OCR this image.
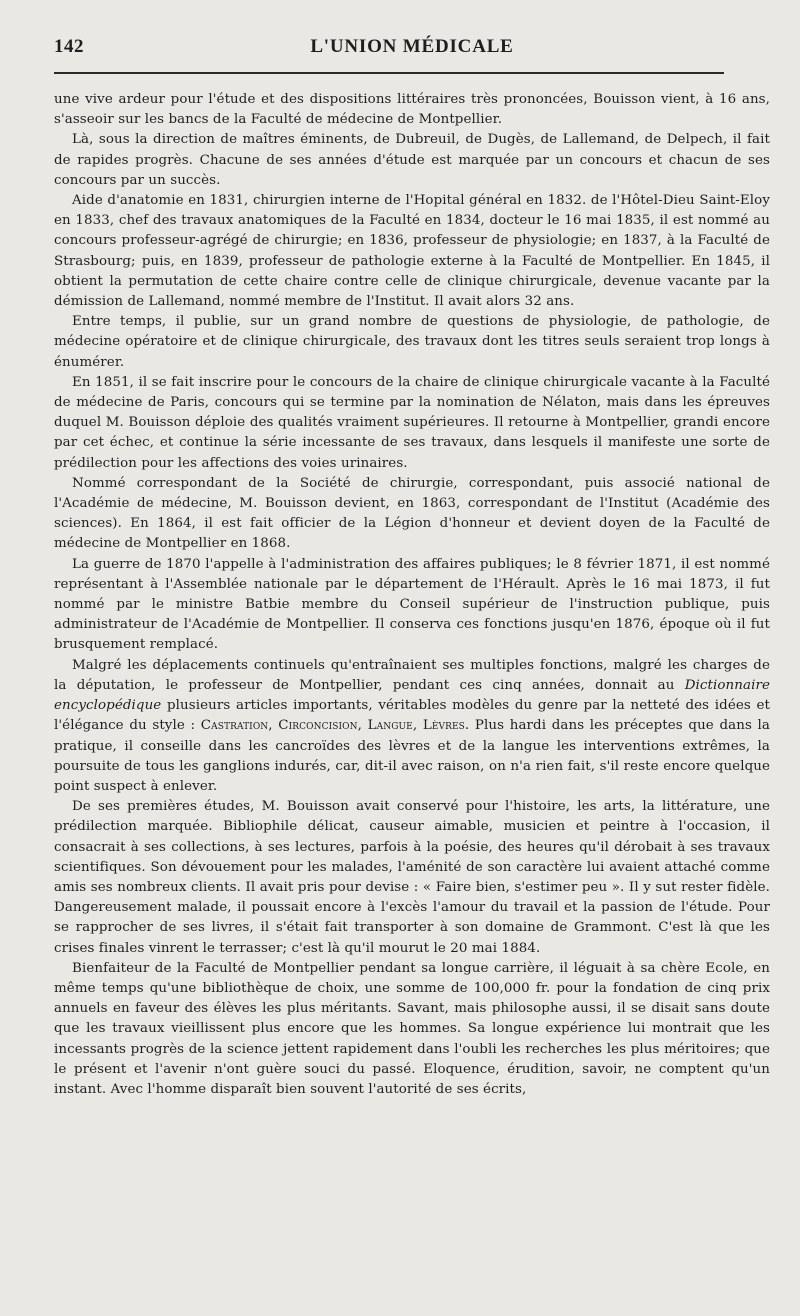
142	L'UNION MÉDICALE

une vive ardeur pour l'étude et des dispositions littéraires très prononcées, Bouisson vient, à 16 ans, s'asseoir sur les bancs de la Faculté de médecine de Montpellier.

Là, sous la direction de maîtres éminents, de Dubreuil, de Dugès, de Lallemand, de Delpech, il fait de rapides progrès. Chacune de ses années d'étude est marquée par un concours et chacun de ses concours par un succès.

Aide d'anatomie en 1831, chirurgien interne de l'Hopital général en 1832. de l'Hôtel-Dieu Saint-Eloy en 1833, chef des travaux anatomiques de la Faculté en 1834, docteur le 16 mai 1835, il est nommé au concours professeur-agrégé de chirurgie; en 1836, professeur de physiologie; en 1837, à la Faculté de Strasbourg; puis, en 1839, professeur de pathologie externe à la Faculté de Montpellier. En 1845, il obtient la permutation de cette chaire contre celle de clinique chirurgicale, devenue vacante par la démission de Lallemand, nommé membre de l'Institut. Il avait alors 32 ans.

Entre temps, il publie, sur un grand nombre de questions de physiologie, de pathologie, de médecine opératoire et de clinique chirurgicale, des travaux dont les titres seuls seraient trop longs à énumérer.

En 1851, il se fait inscrire pour le concours de la chaire de clinique chirurgicale vacante à la Faculté de médecine de Paris, concours qui se termine par la nomination de Nélaton, mais dans les épreuves duquel M. Bouisson déploie des qualités vraiment supérieures. Il retourne à Montpellier, grandi encore par cet échec, et continue la série incessante de ses travaux, dans lesquels il manifeste une sorte de prédilection pour les affections des voies urinaires.

Nommé correspondant de la Société de chirurgie, correspondant, puis associé national de l'Académie de médecine, M. Bouisson devient, en 1863, correspondant de l'Institut (Académie des sciences). En 1864, il est fait officier de la Légion d'honneur et devient doyen de la Faculté de médecine de Montpellier en 1868.

La guerre de 1870 l'appelle à l'administration des affaires publiques; le 8 février 1871, il est nommé représentant à l'Assemblée nationale par le département de l'Hérault. Après le 16 mai 1873, il fut nommé par le ministre Batbie membre du Conseil supérieur de l'instruction publique, puis administrateur de l'Académie de Montpellier. Il conserva ces fonctions jusqu'en 1876, époque où il fut brusquement remplacé.

Malgré les déplacements continuels qu'entraînaient ses multiples fonctions, malgré les charges de la députation, le professeur de Montpellier, pendant ces cinq années, donnait au Dictionnaire encyclopédique plusieurs articles importants, véritables modèles du genre par la netteté des idées et l'élégance du style : Castration, Circoncision, Langue, Lèvres. Plus hardi dans les préceptes que dans la pratique, il conseille dans les cancroïdes des lèvres et de la langue les interventions extrêmes, la poursuite de tous les ganglions indurés, car, dit-il avec raison, on n'a rien fait, s'il reste encore quelque point suspect à enlever.

De ses premières études, M. Bouisson avait conservé pour l'histoire, les arts, la littérature, une prédilection marquée. Bibliophile délicat, causeur aimable, musicien et peintre à l'occasion, il consacrait à ses collections, à ses lectures, parfois à la poésie, des heures qu'il dérobait à ses travaux scientifiques. Son dévouement pour les malades, l'aménité de son caractère lui avaient attaché comme amis ses nombreux clients. Il avait pris pour devise : « Faire bien, s'estimer peu ». Il y sut rester fidèle. Dangereusement malade, il poussait encore à l'excès l'amour du travail et la passion de l'étude. Pour se rapprocher de ses livres, il s'était fait transporter à son domaine de Grammont. C'est là que les crises finales vinrent le terrasser; c'est là qu'il mourut le 20 mai 1884.

Bienfaiteur de la Faculté de Montpellier pendant sa longue carrière, il léguait à sa chère Ecole, en même temps qu'une bibliothèque de choix, une somme de 100,000 fr. pour la fondation de cinq prix annuels en faveur des élèves les plus méritants. Savant, mais philosophe aussi, il se disait sans doute que les travaux vieillissent plus encore que les hommes. Sa longue expérience lui montrait que les incessants progrès de la science jettent rapidement dans l'oubli les recherches les plus méritoires; que le présent et l'avenir n'ont guère souci du passé. Eloquence, érudition, savoir, ne comptent qu'un instant. Avec l'homme disparaît bien souvent l'autorité de ses écrits,
